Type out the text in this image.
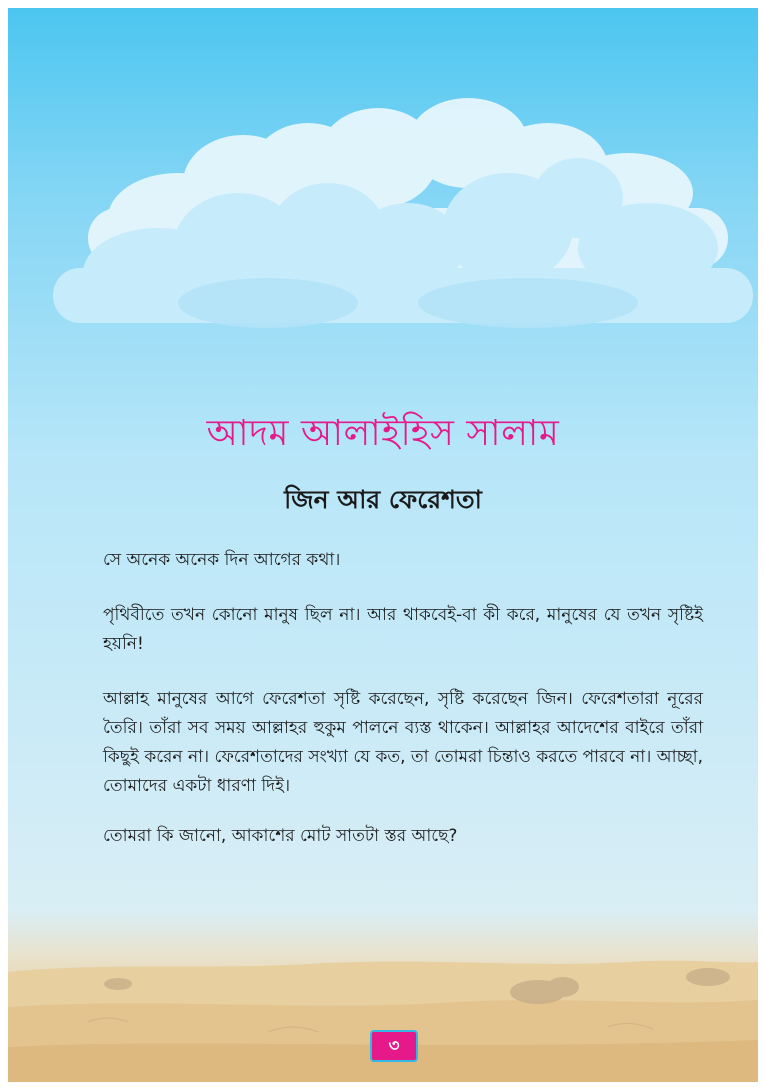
আদম আলাইহিস সালাম
জিন আর ফেরেশতা

সে অনেক অনেক দিন আগের কথা।

পৃথিবীতে তখন কোনো মানুষ ছিল না। আর থাকবেই-বা কী করে, মানুষের যে তখন সৃষ্টিই হয়নি!

আল্লাহ মানুষের আগে ফেরেশতা সৃষ্টি করেছেন, সৃষ্টি করেছেন জিন। ফেরেশতারা নূরের তৈরি। তাঁরা সব সময় আল্লাহর হুকুম পালনে ব্যস্ত থাকেন। আল্লাহর আদেশের বাইরে তাঁরা কিছুই করেন না। ফেরেশতাদের সংখ্যা যে কত, তা তোমরা চিন্তাও করতে পারবে না। আচ্ছা, তোমাদের একটা ধারণা দিই।

তোমরা কি জানো, আকাশের মোট সাতটা স্তর আছে?

৩
